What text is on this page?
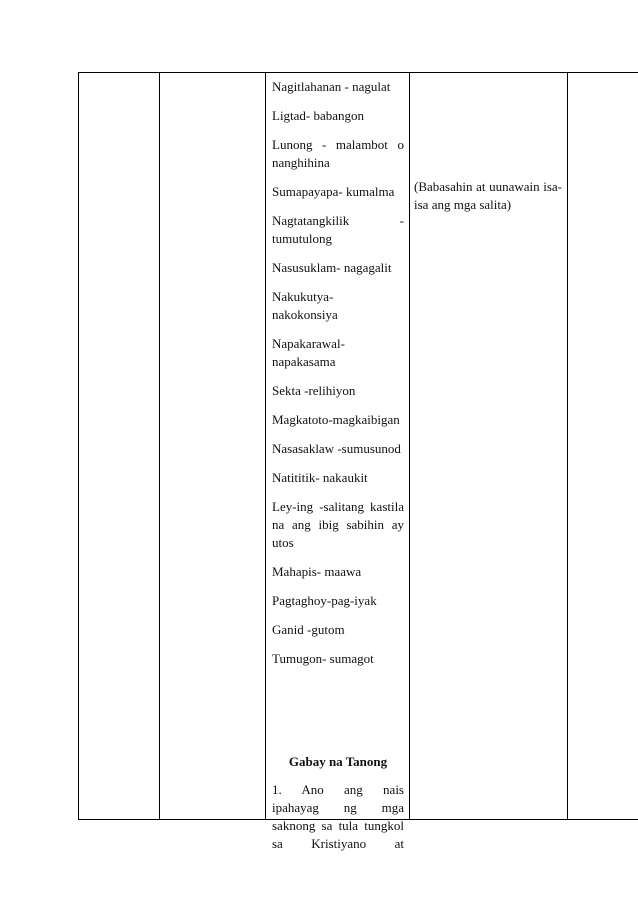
Nagitlahanan - nagulat

Ligtad- babangon

Lunong - malambot o nanghihina

Sumapayapa- kumalma

Nagtatangkilik - tumutulong

Nasusuklam- nagagalit

Nakukutya- nakokonsiya

Napakarawal- napakasama

Sekta -relihiyon

Magkatoto-magkaibigan

Nasasaklaw -sumusunod

Natititik- nakaukit

Ley-ing -salitang kastila na ang ibig sabihin ay utos

Mahapis- maawa

Pagtaghoy-pag-iyak

Ganid -gutom

Tumugon- sumagot

Gabay na Tanong

1. Ano ang nais ipahayag ng mga saknong sa tula tungkol sa Kristiyano at

(Babasahin at uunawain isa-isa ang mga salita)
